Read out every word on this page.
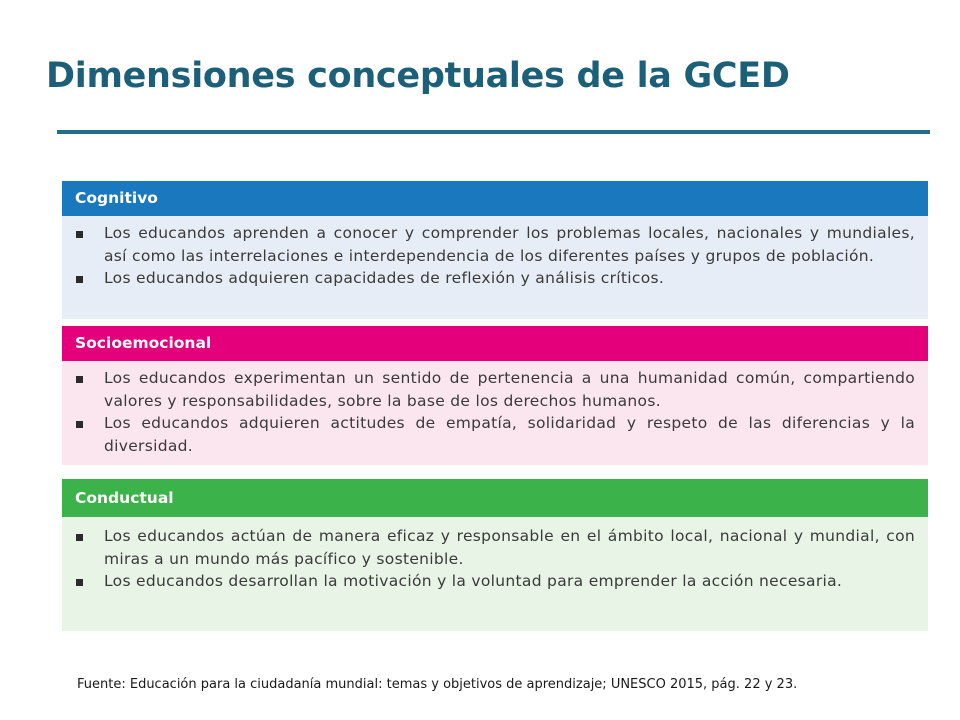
Dimensiones conceptuales de la GCED
Cognitivo
Los educandos aprenden a conocer y comprender los problemas locales, nacionales y mundiales, así como las interrelaciones e interdependencia de los diferentes países y grupos de población.
Los educandos adquieren capacidades de reflexión y análisis críticos.
Socioemocional
Los educandos experimentan un sentido de pertenencia a una humanidad común, compartiendo valores y responsabilidades, sobre la base de los derechos humanos.
Los educandos adquieren actitudes de empatía, solidaridad y respeto de las diferencias y la diversidad.
Conductual
Los educandos actúan de manera eficaz y responsable en el ámbito local, nacional y mundial, con miras a un mundo más pacífico y sostenible.
Los educandos desarrollan la motivación y la voluntad para emprender la acción necesaria.
Fuente: Educación para la ciudadanía mundial: temas y objetivos de aprendizaje; UNESCO 2015, pág. 22 y 23.
